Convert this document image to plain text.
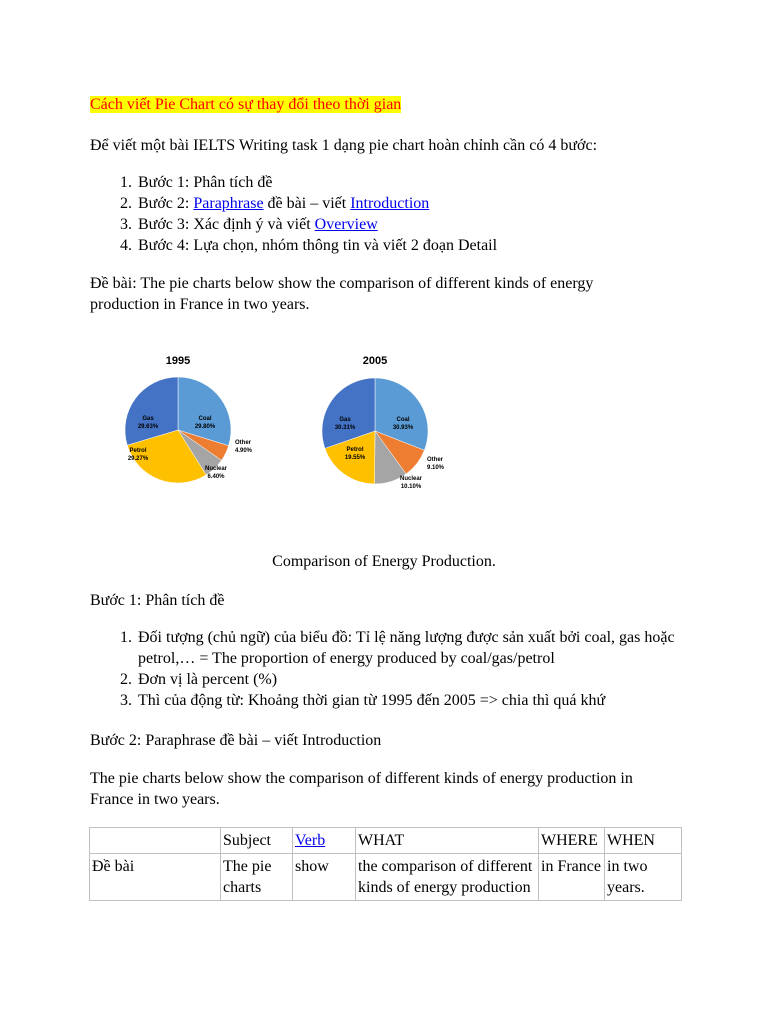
Cách viết Pie Chart có sự thay đổi theo thời gian

Để viết một bài IELTS Writing task 1 dạng pie chart hoàn chỉnh cần có 4 bước:

1. Bước 1: Phân tích đề
2. Bước 2: Paraphrase đề bài – viết Introduction
3. Bước 3: Xác định ý và viết Overview
4. Bước 4: Lựa chọn, nhóm thông tin và viết 2 đoạn Detail

Đề bài: The pie charts below show the comparison of different kinds of energy
production in France in two years.

1995
Coal 29.80%
Other 4.90%
Nuclear 6.40%
Petrol 29.27%
Gas 29.63%
2005
Coal 30.93%
Other 9.10%
Nuclear 10.10%
Petrol 19.55%
Gas 30.31%

Comparison of Energy Production.

Bước 1: Phân tích đề

1. Đối tượng (chủ ngữ) của biểu đồ: Tỉ lệ năng lượng được sản xuất bởi coal, gas hoặc petrol,… = The proportion of energy produced by coal/gas/petrol
2. Đơn vị là percent (%)
3. Thì của động từ: Khoảng thời gian từ 1995 đến 2005 => chia thì quá khứ

Bước 2: Paraphrase đề bài – viết Introduction

The pie charts below show the comparison of different kinds of energy production in France in two years.

	Subject	Verb	WHAT	WHERE	WHEN
Đề bài	The pie charts	show	the comparison of different kinds of energy production	in France	in two years.
